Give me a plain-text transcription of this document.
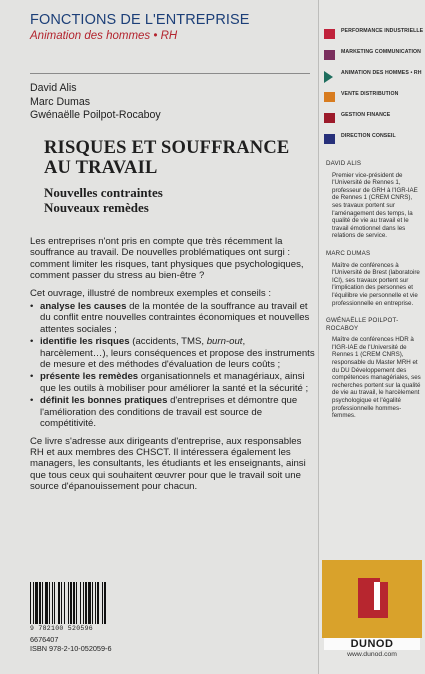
FONCTIONS DE L'ENTREPRISE
Animation des hommes • RH
David Alis
Marc Dumas
Gwénaëlle Poilpot-Rocaboy
RISQUES ET SOUFFRANCE
AU TRAVAIL
Nouvelles contraintes
Nouveaux remèdes
PERFORMANCE INDUSTRIELLE
MARKETING COMMUNICATION
ANIMATION DES HOMMES • RH
VENTE DISTRIBUTION
GESTION FINANCE
DIRECTION CONSEIL

Les entreprises n'ont pris en compte que très récemment la souffrance au travail. De nouvelles problématiques ont surgi : comment limiter les risques, tant physiques que psychologiques, comment passer du stress au bien-être ?

Cet ouvrage, illustré de nombreux exemples et conseils :

• analyse les causes de la montée de la souffrance au travail et du conflit entre nouvelles contraintes économiques et nouvelles attentes sociales ;
• identifie les risques (accidents, TMS, burn-out, harcèlement…), leurs conséquences et propose des instruments de mesure et des méthodes d'évaluation de leurs coûts ;
• présente les remèdes organisationnels et managériaux, ainsi que les outils à mobiliser pour améliorer la santé et la sécurité ;
• définit les bonnes pratiques d'entreprises et démontre que l'amélioration des conditions de travail est source de compétitivité.

Ce livre s'adresse aux dirigeants d'entreprise, aux responsables RH et aux membres des CHSCT. Il intéressera également les managers, les consultants, les étudiants et les enseignants, ainsi que tous ceux qui souhaitent œuvrer pour que le travail soit une source d'épanouissement pour chacun.

DAVID ALIS
Premier vice-président de l'Université de Rennes 1, professeur de GRH à l'IGR-IAE de Rennes 1 (CREM CNRS), ses travaux portent sur l'aménagement des temps, la qualité de vie au travail et le travail émotionnel dans les relations de service.
MARC DUMAS
Maître de conférences à l'Université de Brest (laboratoire ICI), ses travaux portent sur l'implication des personnes et l'équilibre vie personnelle et vie professionnelle en entreprise.
GWÉNAËLLE POILPOT-ROCABOY
Maître de conférences HDR à l'IGR-IAE de l'Université de Rennes 1 (CREM CNRS), responsable du Master MRH et du DU Développement des compétences managériales, ses recherches portent sur la qualité de vie au travail, le harcèlement psychologique et l'égalité professionnelle hommes-femmes.
9 782100 520596
6676407
ISBN 978-2-10-052059-6	DUNOD
www.dunod.com
